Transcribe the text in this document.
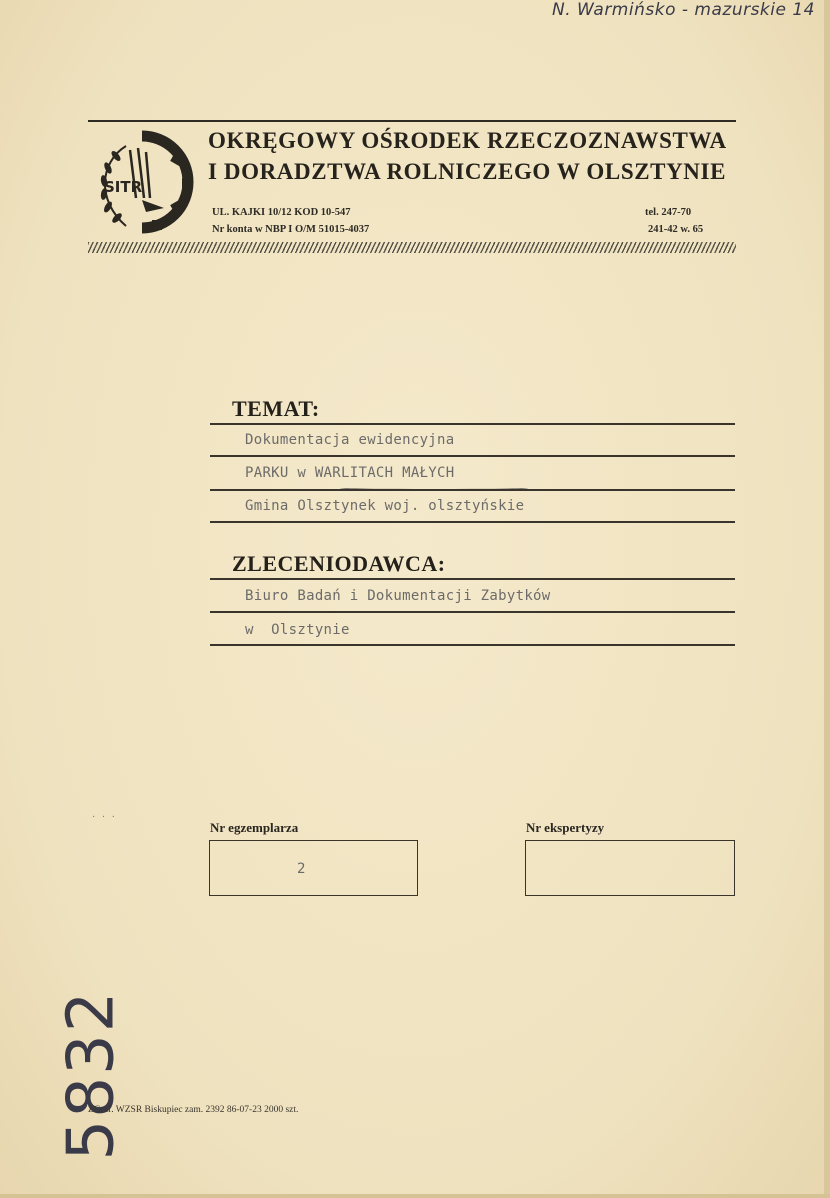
N. Warmińsko - mazurskie 14
SITR
OKRĘGOWY OŚRODEK RZECZOZNAWSTWA
I DORADZTWA ROLNICZEGO W OLSZTYNIE
UL. KAJKI 10/12 KOD 10-547
Nr konta w NBP I O/M 51015-4037
tel. 247-70
241-42 w. 65
TEMAT:
Dokumentacja ewidencyjna
PARKU w WARLITACH MAŁYCH
Gmina Olsztynek woj. olsztyńskie
ZLECENIODAWCA:
Biuro Badań i Dokumentacji Zabytków
w  Olsztynie
· · ·
Nr egzemplarza
2
Nr ekspertyzy
5832
ZGraf. WZSR Biskupiec zam. 2392 86-07-23 2000 szt.
